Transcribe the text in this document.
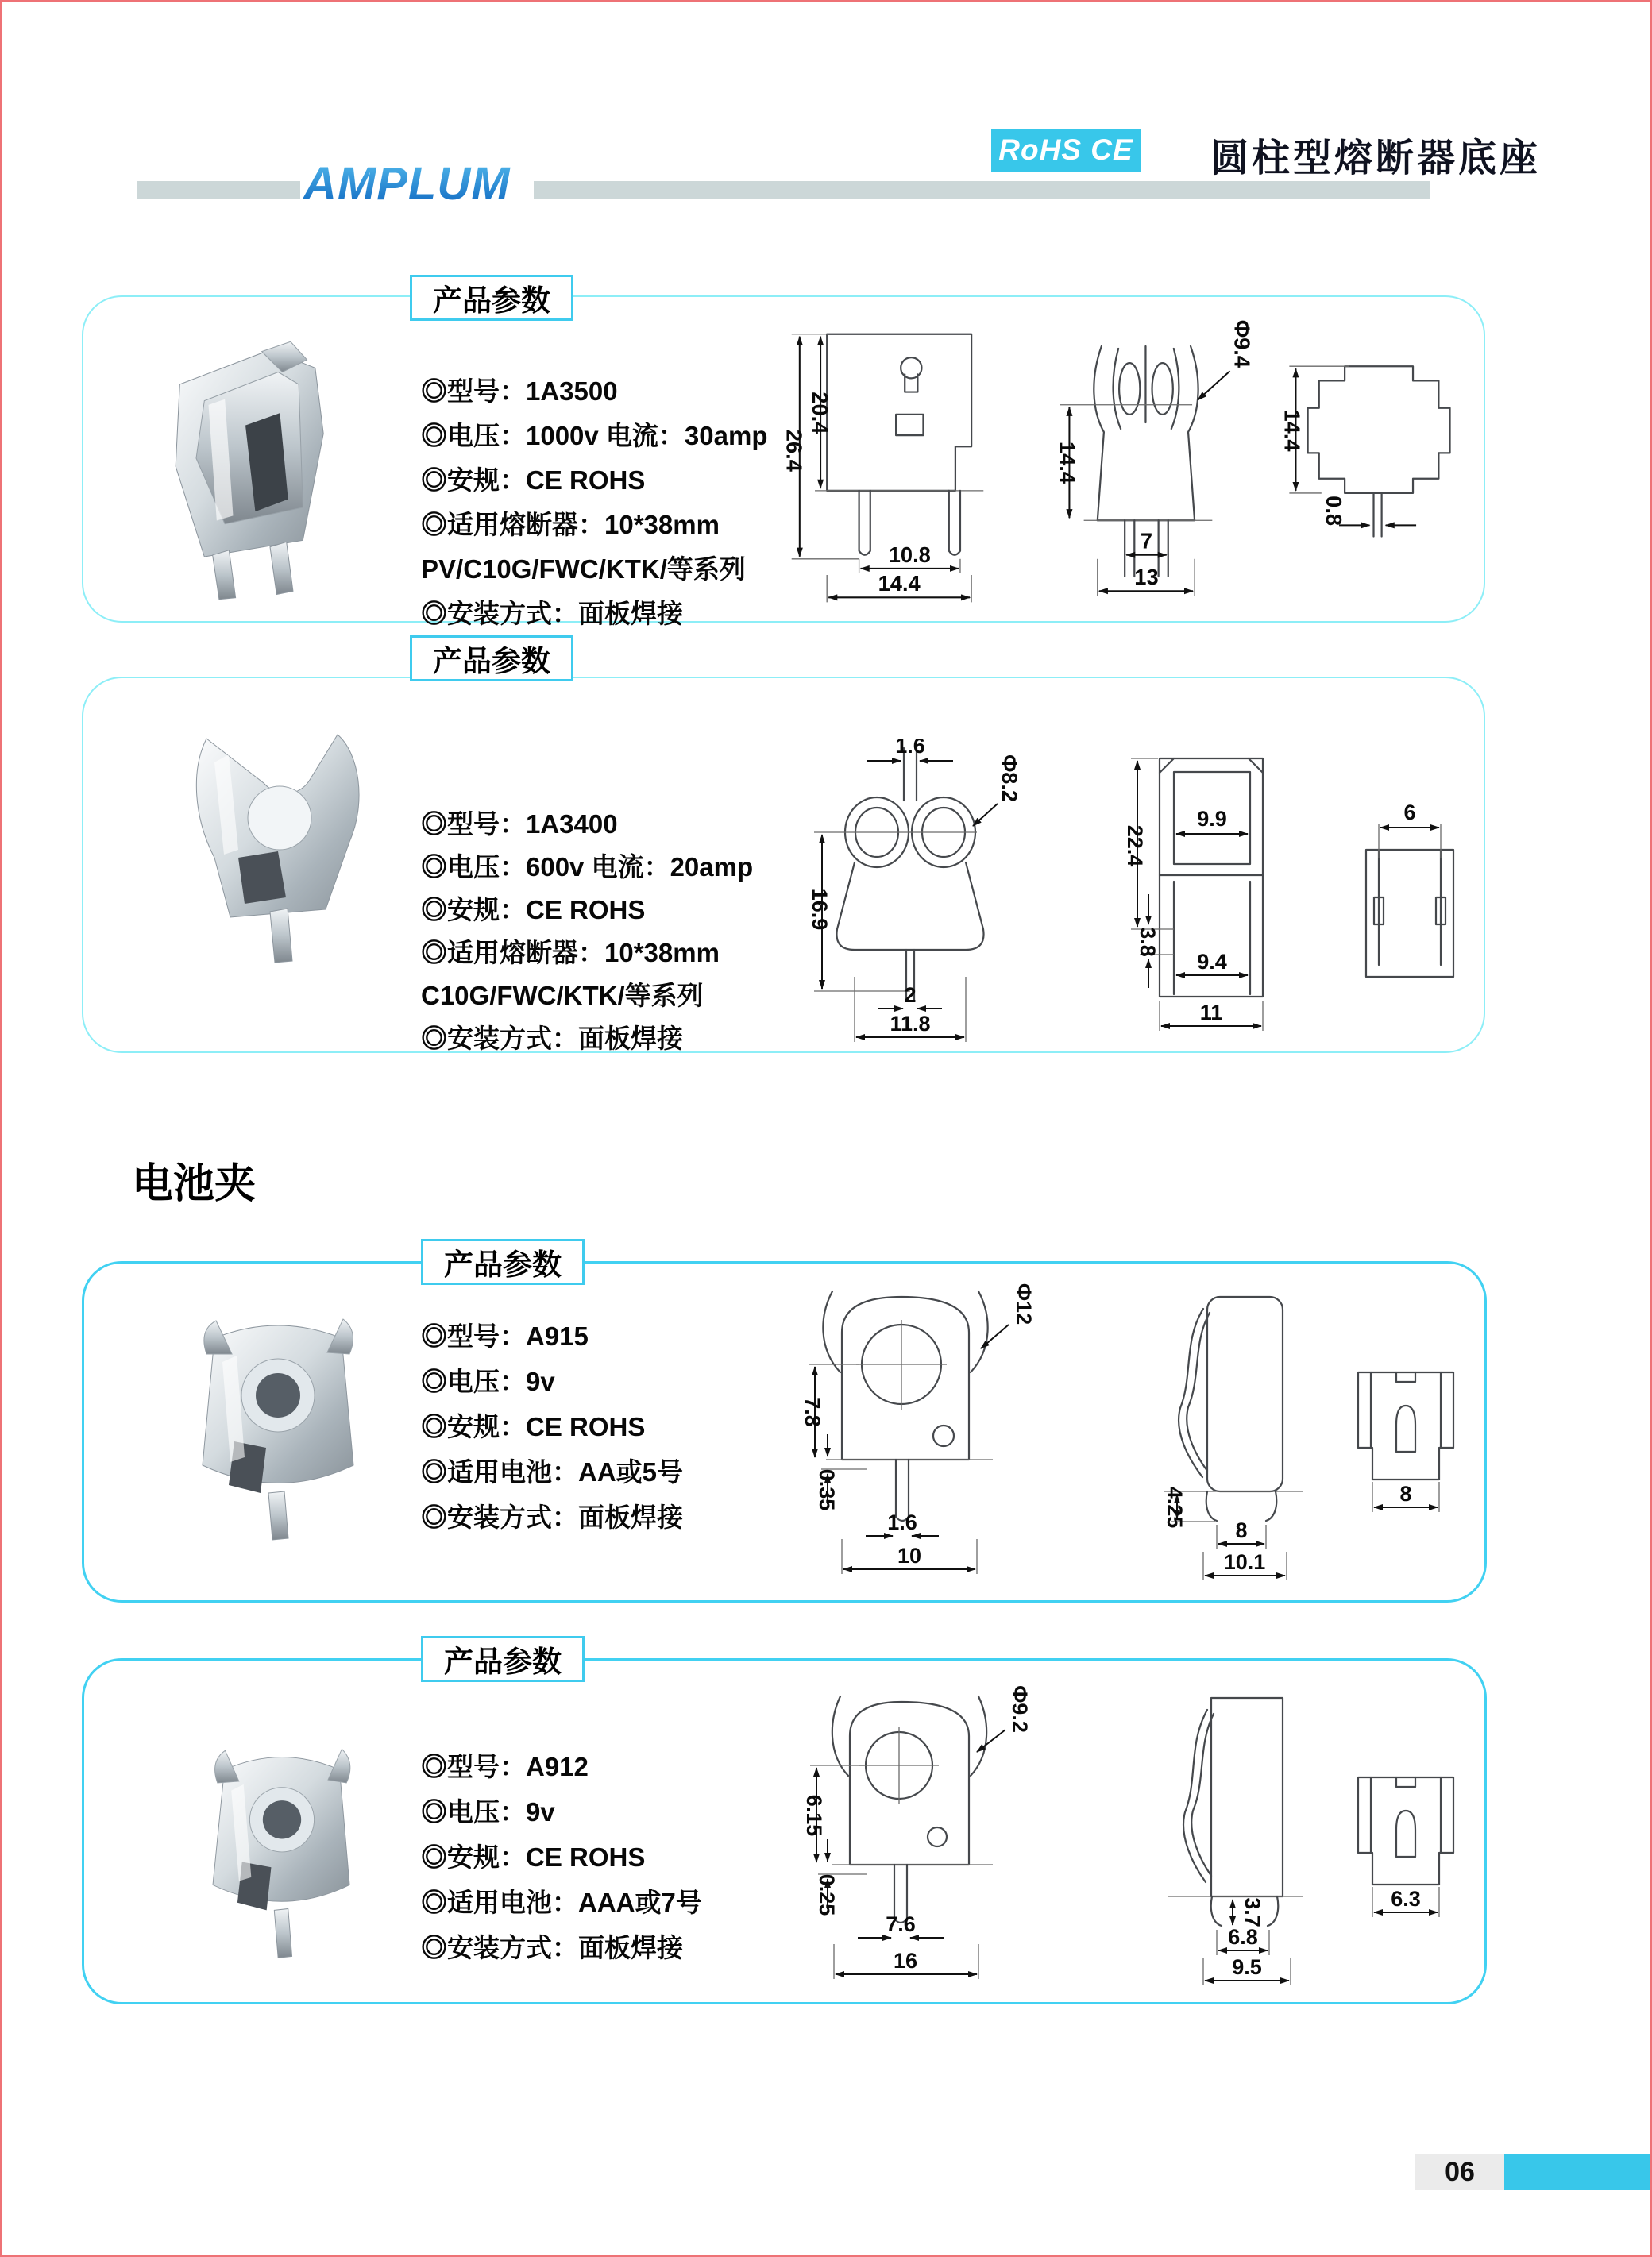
AMPLUM
RoHS CE 圆柱型熔断器底座
产品参数
◎型号：1A3500
◎电压：1000v 电流：30amp
◎安规：CE ROHS
◎适用熔断器：10*38mm
PV/C10G/FWC/KTK/等系列
◎安装方式：面板焊接
26.4
20.4
10.8
14.4
Φ9.4
14.4
7
13
14.4
0.8
产品参数
◎型号：1A3400
◎电压：600v 电流：20amp
◎安规：CE ROHS
◎适用熔断器：10*38mm
C10G/FWC/KTK/等系列
◎安装方式：面板焊接
1.6
Φ8.2
16.9
2
11.8
22.4
9.9
3.8
9.4
11
6
电池夹
产品参数
◎型号：A915
◎电压：9v
◎安规：CE ROHS
◎适用电池：AA或5号
◎安装方式：面板焊接
Φ12
7.8
0.35
1.6
10
4.25
8
10.1
8
产品参数
◎型号：A912
◎电压：9v
◎安规：CE ROHS
◎适用电池：AAA或7号
◎安装方式：面板焊接
Φ9.2
6.15
0.25
7.6
16
3.7
6.8
9.5
6.3
06
